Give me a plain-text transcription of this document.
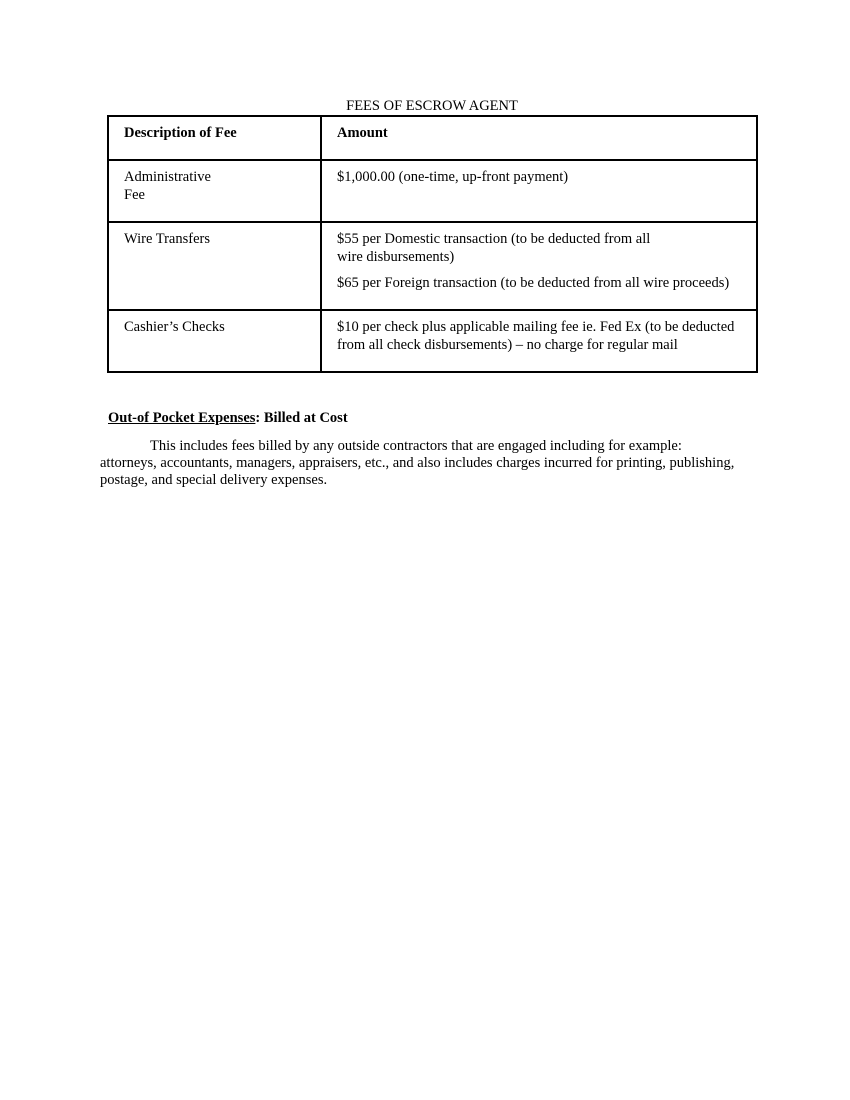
FEES OF ESCROW AGENT
Description of Fee	Amount

Administrative Fee	$1,000.00 (one-time, up-front payment)

Wire Transfers	$55 per Domestic transaction (to be deducted from all wire disbursements)
$65 per Foreign transaction (to be deducted from all wire proceeds)

Cashier’s Checks	$10 per check plus applicable mailing fee ie. Fed Ex (to be deducted from all check disbursements) – no charge for regular mail
Out-of Pocket Expenses: Billed at Cost
This includes fees billed by any outside contractors that are engaged including for example: attorneys, accountants, managers, appraisers, etc., and also includes charges incurred for printing, publishing, postage, and special delivery expenses.
